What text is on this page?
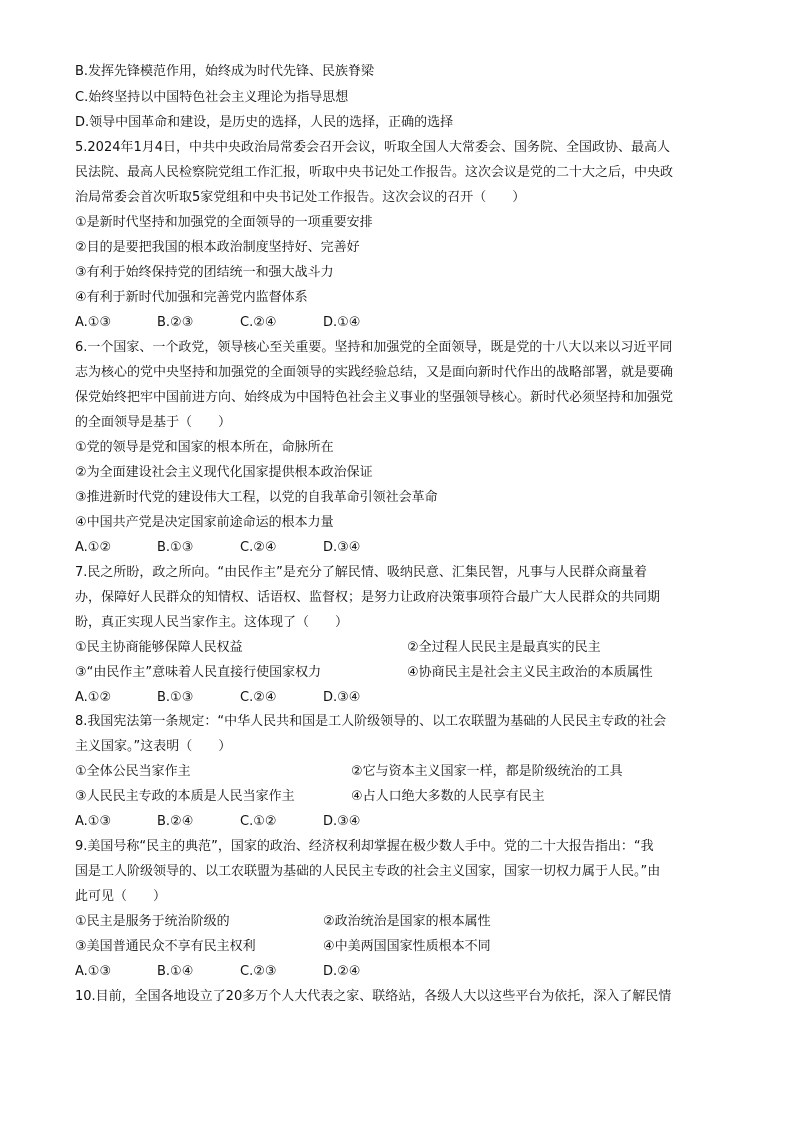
B.发挥先锋模范作用，始终成为时代先锋、民族脊梁
C.始终坚持以中国特色社会主义理论为指导思想
D.领导中国革命和建设，是历史的选择，人民的选择，正确的选择
5.2024年1月4日，中共中央政治局常委会召开会议，听取全国人大常委会、国务院、全国政协、最高人
民法院、最高人民检察院党组工作汇报，听取中央书记处工作报告。这次会议是党的二十大之后，中央政
治局常委会首次听取5家党组和中央书记处工作报告。这次会议的召开（　　）
①是新时代坚持和加强党的全面领导的一项重要安排
②目的是要把我国的根本政治制度坚持好、完善好
③有利于始终保持党的团结统一和强大战斗力
④有利于新时代加强和完善党内监督体系
A.①③	B.②③	C.②④	D.①④
6.一个国家、一个政党，领导核心至关重要。坚持和加强党的全面领导，既是党的十八大以来以习近平同
志为核心的党中央坚持和加强党的全面领导的实践经验总结，又是面向新时代作出的战略部署，就是要确
保党始终把牢中国前进方向、始终成为中国特色社会主义事业的坚强领导核心。新时代必须坚持和加强党
的全面领导是基于（　　）
①党的领导是党和国家的根本所在，命脉所在
②为全面建设社会主义现代化国家提供根本政治保证
③推进新时代党的建设伟大工程，以党的自我革命引领社会革命
④中国共产党是决定国家前途命运的根本力量
A.①②	B.①③	C.②④	D.③④
7.民之所盼，政之所向。“由民作主”是充分了解民情、吸纳民意、汇集民智，凡事与人民群众商量着
办，保障好人民群众的知情权、话语权、监督权；是努力让政府决策事项符合最广大人民群众的共同期
盼，真正实现人民当家作主。这体现了（　　）
①民主协商能够保障人民权益	②全过程人民民主是最真实的民主
③“由民作主”意味着人民直接行使国家权力	④协商民主是社会主义民主政治的本质属性
A.①②	B.①③	C.②④	D.③④
8.我国宪法第一条规定：“中华人民共和国是工人阶级领导的、以工农联盟为基础的人民民主专政的社会
主义国家。”这表明（　　）
①全体公民当家作主	②它与资本主义国家一样，都是阶级统治的工具
③人民民主专政的本质是人民当家作主	④占人口绝大多数的人民享有民主
A.①③	B.②④	C.①②	D.③④
9.美国号称“民主的典范”，国家的政治、经济权利却掌握在极少数人手中。党的二十大报告指出：“我
国是工人阶级领导的、以工农联盟为基础的人民民主专政的社会主义国家，国家一切权力属于人民。”由
此可见（　　）
①民主是服务于统治阶级的	②政治统治是国家的根本属性
③美国普通民众不享有民主权利	④中美两国国家性质根本不同
A.①③	B.①④	C.②③	D.②④
10.目前，全国各地设立了20多万个人大代表之家、联络站，各级人大以这些平台为依托，深入了解民情
